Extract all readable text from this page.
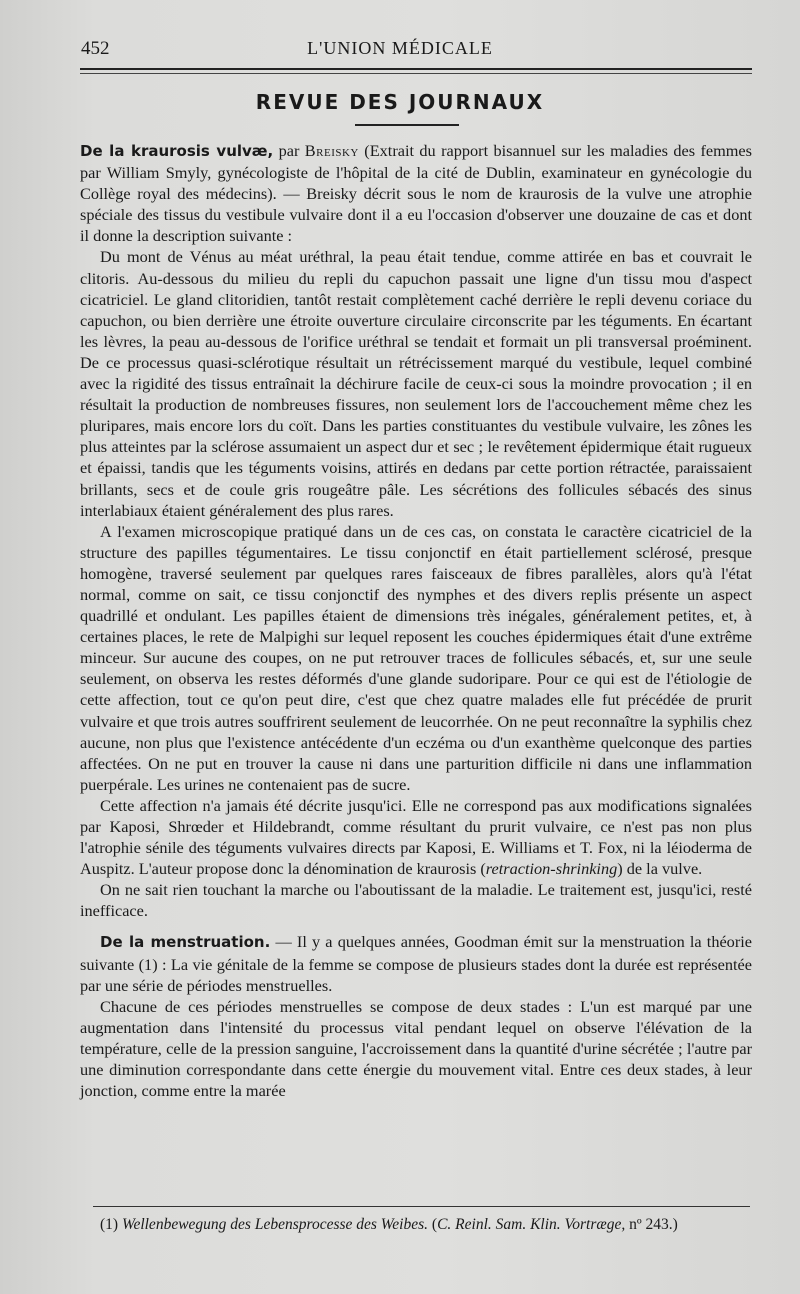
452	L'UNION MÉDICALE
REVUE DES JOURNAUX

De la kraurosis vulvæ, par Breisky (Extrait du rapport bisannuel sur les maladies des femmes par William Smyly, gynécologiste de l'hôpital de la cité de Dublin, examinateur en gynécologie du Collège royal des médecins). — Breisky décrit sous le nom de kraurosis de la vulve une atrophie spéciale des tissus du vestibule vulvaire dont il a eu l'occasion d'observer une douzaine de cas et dont il donne la description suivante :

Du mont de Vénus au méat uréthral, la peau était tendue, comme attirée en bas et couvrait le clitoris. Au-dessous du milieu du repli du capuchon passait une ligne d'un tissu mou d'aspect cicatriciel. Le gland clitoridien, tantôt restait complètement caché derrière le repli devenu coriace du capuchon, ou bien derrière une étroite ouverture circulaire circonscrite par les téguments. En écartant les lèvres, la peau au-dessous de l'orifice uréthral se tendait et formait un pli transversal proéminent. De ce processus quasi-sclérotique résultait un rétrécissement marqué du vestibule, lequel combiné avec la rigidité des tissus entraînait la déchirure facile de ceux-ci sous la moindre provocation ; il en résultait la production de nombreuses fissures, non seulement lors de l'accouchement même chez les pluripares, mais encore lors du coït. Dans les parties constituantes du vestibule vulvaire, les zônes les plus atteintes par la sclérose assumaient un aspect dur et sec ; le revêtement épidermique était rugueux et épaissi, tandis que les téguments voisins, attirés en dedans par cette portion rétractée, paraissaient brillants, secs et de coule gris rougeâtre pâle. Les sécrétions des follicules sébacés des sinus interlabiaux étaient généralement des plus rares.

A l'examen microscopique pratiqué dans un de ces cas, on constata le caractère cicatriciel de la structure des papilles tégumentaires. Le tissu conjonctif en était partiellement sclérosé, presque homogène, traversé seulement par quelques rares faisceaux de fibres parallèles, alors qu'à l'état normal, comme on sait, ce tissu conjonctif des nymphes et des divers replis présente un aspect quadrillé et ondulant. Les papilles étaient de dimensions très inégales, généralement petites, et, à certaines places, le rete de Malpighi sur lequel reposent les couches épidermiques était d'une extrême minceur. Sur aucune des coupes, on ne put retrouver traces de follicules sébacés, et, sur une seule seulement, on observa les restes déformés d'une glande sudoripare. Pour ce qui est de l'étiologie de cette affection, tout ce qu'on peut dire, c'est que chez quatre malades elle fut précédée de prurit vulvaire et que trois autres souffrirent seulement de leucorrhée. On ne peut reconnaître la syphilis chez aucune, non plus que l'existence antécédente d'un eczéma ou d'un exanthème quelconque des parties affectées. On ne put en trouver la cause ni dans une parturition difficile ni dans une inflammation puerpérale. Les urines ne contenaient pas de sucre.

Cette affection n'a jamais été décrite jusqu'ici. Elle ne correspond pas aux modifications signalées par Kaposi, Shrœder et Hildebrandt, comme résultant du prurit vulvaire, ce n'est pas non plus l'atrophie sénile des téguments vulvaires directs par Kaposi, E. Williams et T. Fox, ni la léioderma de Auspitz. L'auteur propose donc la dénomination de kraurosis (retraction-shrinking) de la vulve.

On ne sait rien touchant la marche ou l'aboutissant de la maladie. Le traitement est, jusqu'ici, resté inefficace.

De la menstruation. — Il y a quelques années, Goodman émit sur la menstruation la théorie suivante (1) : La vie génitale de la femme se compose de plusieurs stades dont la durée est représentée par une série de périodes menstruelles.

Chacune de ces périodes menstruelles se compose de deux stades : L'un est marqué par une augmentation dans l'intensité du processus vital pendant lequel on observe l'élévation de la température, celle de la pression sanguine, l'accroissement dans la quantité d'urine sécrétée ; l'autre par une diminution correspondante dans cette énergie du mouvement vital. Entre ces deux stades, à leur jonction, comme entre la marée

(1) Wellenbewegung des Lebensprocesse des Weibes. (C. Reinl. Sam. Klin. Vortræge, nº 243.)
